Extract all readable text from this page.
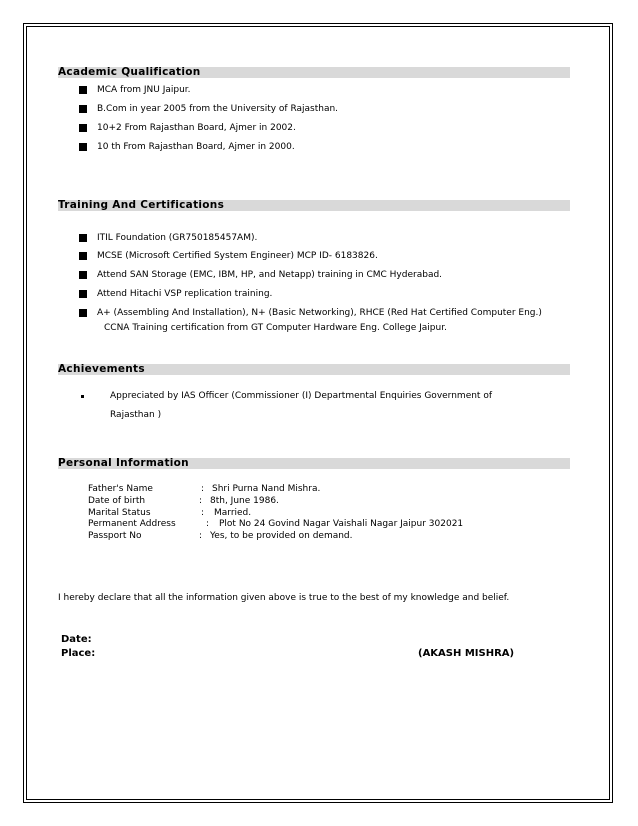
Academic Qualification
MCA from JNU Jaipur.
B.Com in year 2005 from the University of Rajasthan.
10+2 From Rajasthan Board, Ajmer in 2002.
10 th From Rajasthan Board, Ajmer in 2000.
Training And Certifications
ITIL Foundation (GR750185457AM).
MCSE (Microsoft Certified System Engineer) MCP ID- 6183826.
Attend SAN Storage (EMC, IBM, HP, and Netapp) training in CMC Hyderabad.
Attend Hitachi VSP replication training.
A+ (Assembling And Installation), N+ (Basic Networking), RHCE (Red Hat Certified Computer Eng.)
CCNA Training certification from GT Computer Hardware Eng. College Jaipur.
Achievements
Appreciated by IAS Officer (Commissioner (I) Departmental Enquiries Government of
Rajasthan )
Personal Information
Father's Name	: Shri Purna Nand Mishra.
Date of birth	: 8th, June 1986.
Marital Status	: Married.
Permanent Address	: Plot No 24 Govind Nagar Vaishali Nagar Jaipur 302021
Passport No	: Yes, to be provided on demand.
I hereby declare that all the information given above is true to the best of my knowledge and belief.
Date:
Place:	(AKASH MISHRA)
